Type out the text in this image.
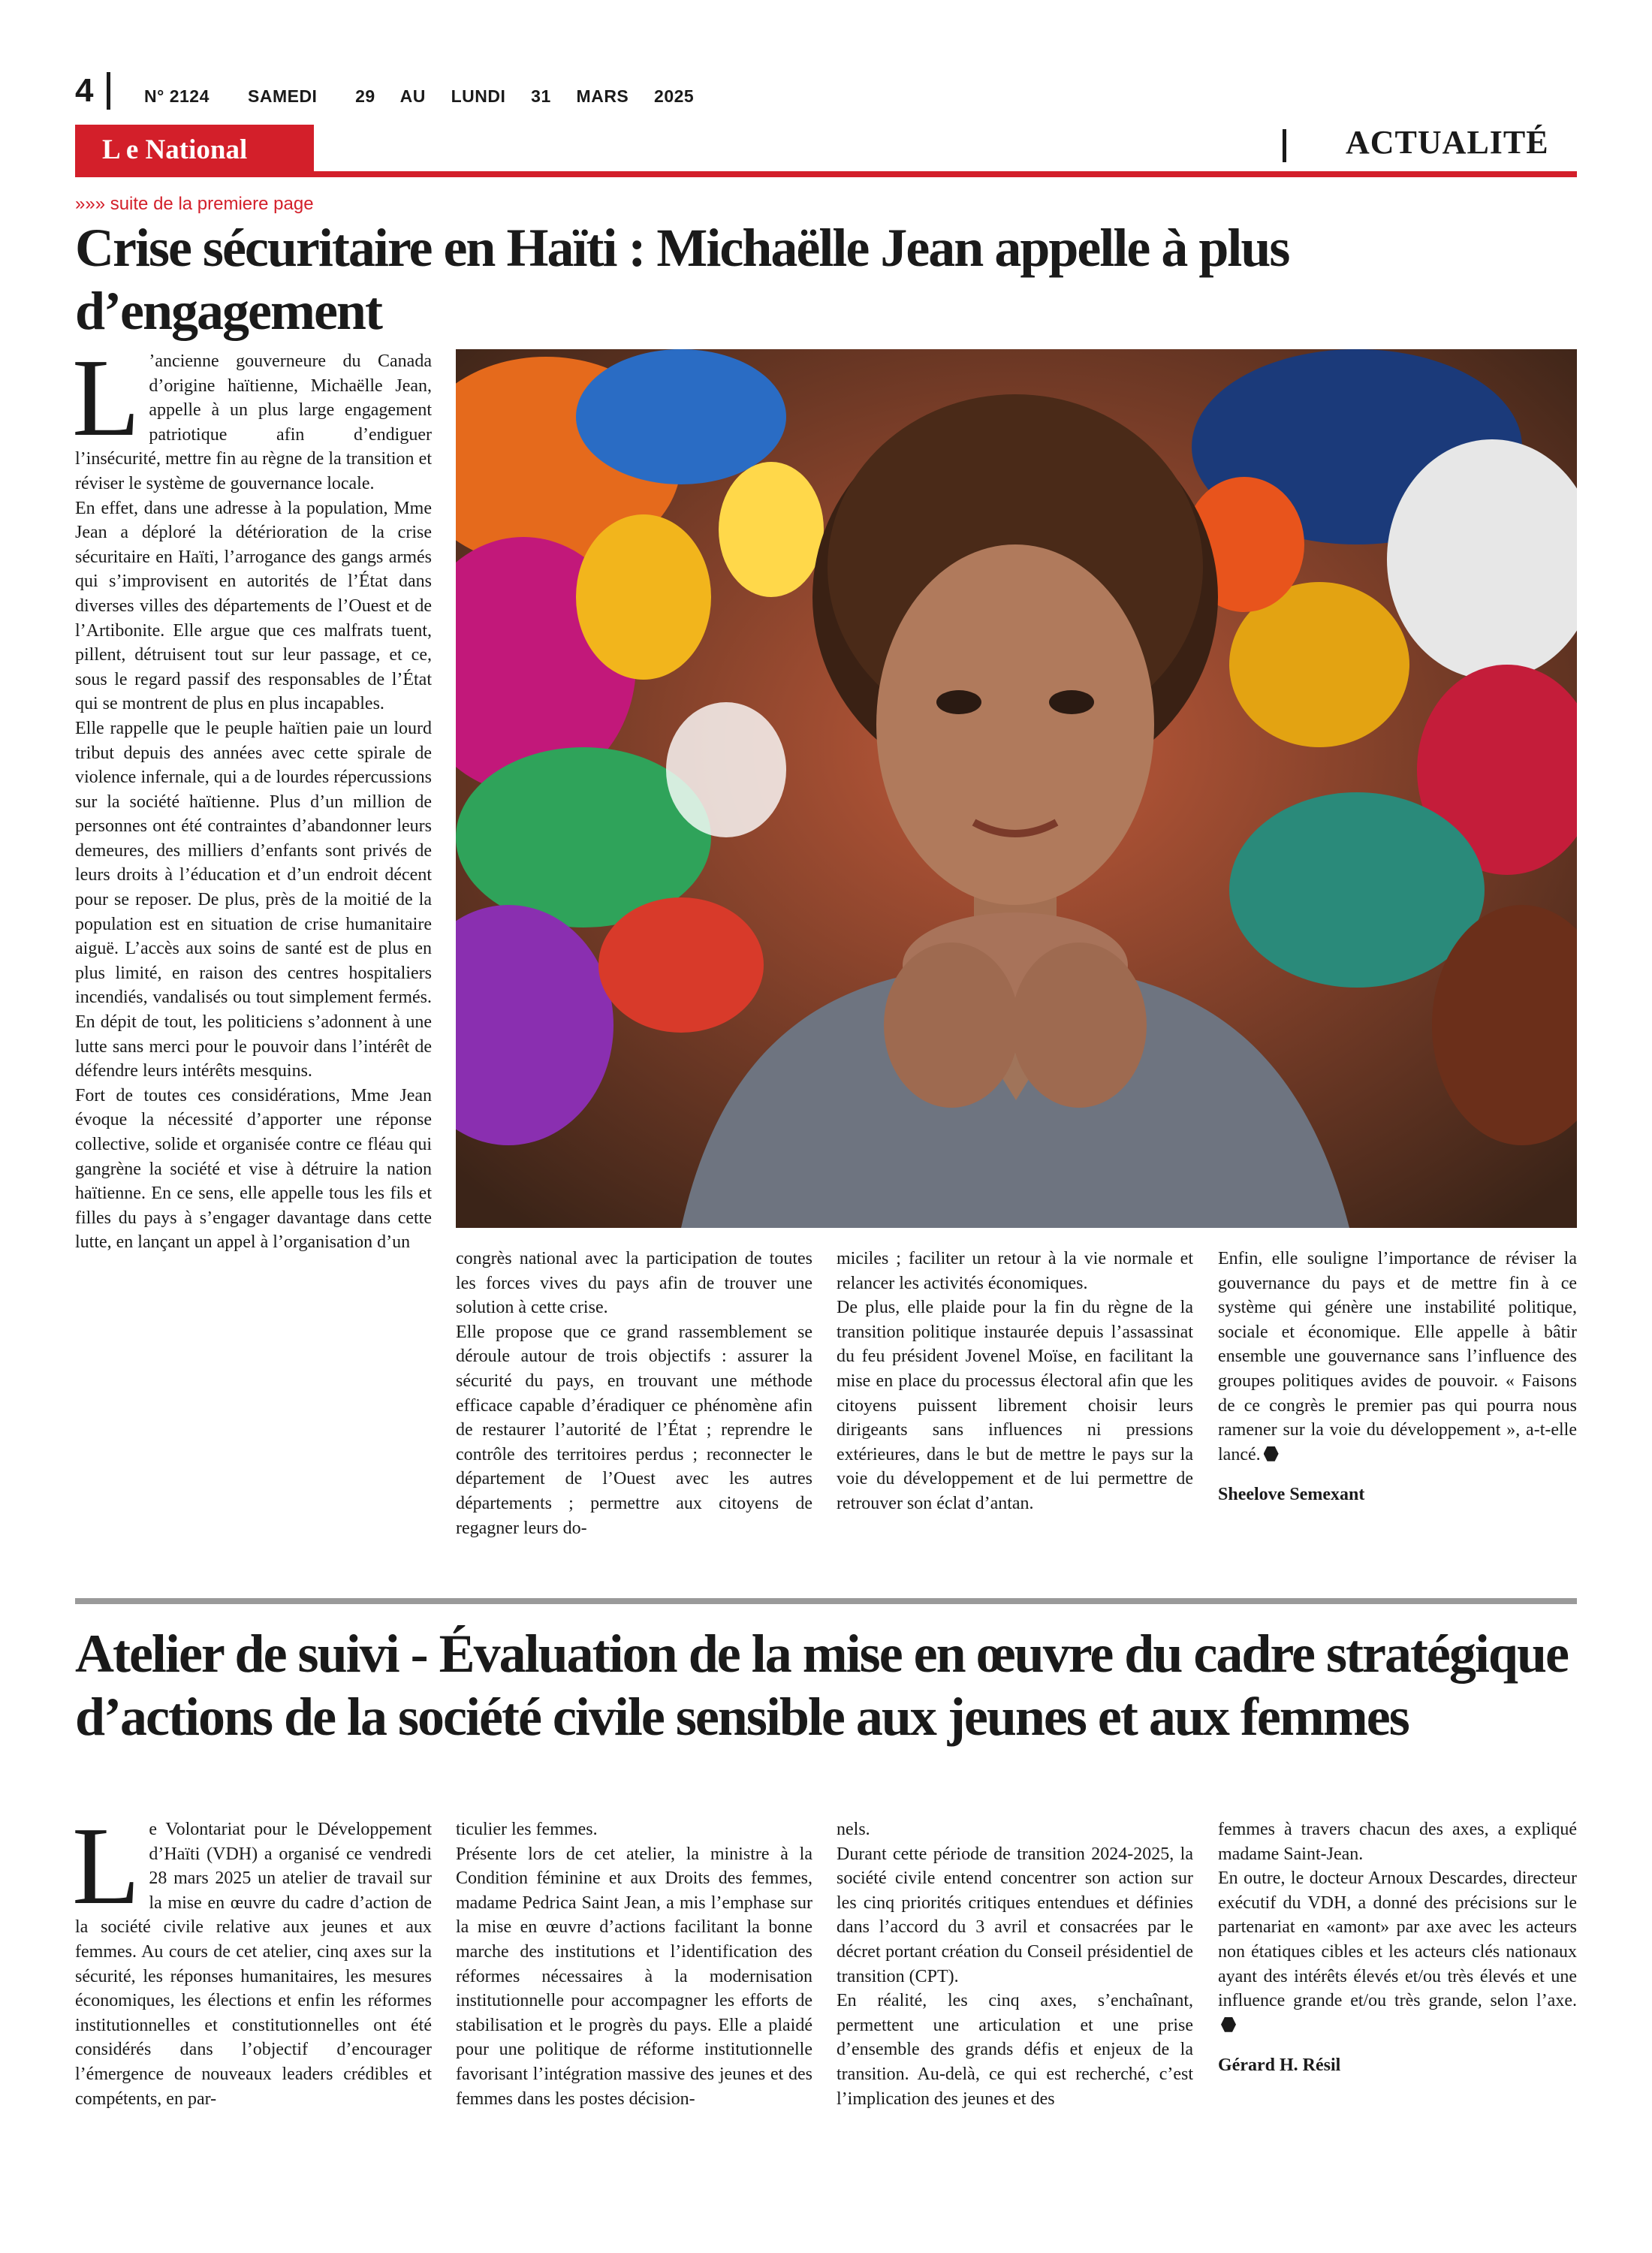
4	N° 2124 SAMEDI   29  AU  LUNDI  31  MARS  2025
L e National	ACTUALITÉ
»»» suite de la premiere page
Crise sécuritaire en Haïti : Michaëlle Jean appelle à plus d’engagement
L ’ancienne gouverneure du Canada d’origine haïtienne, Michaëlle Jean, appelle à un plus large engagement patriotique afin d’endiguer l’insécurité, mettre fin au règne de la transition et réviser le système de gouvernance locale.

En effet, dans une adresse à la population, Mme Jean a déploré la détérioration de la crise sécuritaire en Haïti, l’arrogance des gangs armés qui s’improvisent en autorités de l’État dans diverses villes des départements de l’Ouest et de l’Artibonite. Elle argue que ces malfrats tuent, pillent, détruisent tout sur leur passage, et ce, sous le regard passif des responsables de l’État qui se montrent de plus en plus incapables.

Elle rappelle que le peuple haïtien paie un lourd tribut depuis des années avec cette spirale de violence infernale, qui a de lourdes répercussions sur la société haïtienne. Plus d’un million de personnes ont été contraintes d’abandonner leurs demeures, des milliers d’enfants sont privés de leurs droits à l’éducation et d’un endroit décent pour se reposer. De plus, près de la moitié de la population est en situation de crise humanitaire aiguë. L’accès aux soins de santé est de plus en plus limité, en raison des centres hospitaliers incendiés, vandalisés ou tout simplement fermés. En dépit de tout, les politiciens s’adonnent à une lutte sans merci pour le pouvoir dans l’intérêt de défendre leurs intérêts mesquins.

Fort de toutes ces considérations, Mme Jean évoque la nécessité d’apporter une réponse collective, solide et organisée contre ce fléau qui gangrène la société et vise à détruire la nation haïtienne. En ce sens, elle appelle tous les fils et filles du pays à s’engager davantage dans cette lutte, en lançant un appel à l’organisation d’un

congrès national avec la participation de toutes les forces vives du pays afin de trouver une solution à cette crise.

Elle propose que ce grand rassemblement se déroule autour de trois objectifs : assurer la sécurité du pays, en trouvant une méthode efficace capable d’éradiquer ce phénomène afin de restaurer l’autorité de l’État ; reprendre le contrôle des territoires perdus ; reconnecter le département de l’Ouest avec les autres départements ; permettre aux citoyens de regagner leurs do-

miciles ; faciliter un retour à la vie normale et relancer les activités économiques.

De plus, elle plaide pour la fin du règne de la transition politique instaurée depuis l’assassinat du feu président Jovenel Moïse, en facilitant la mise en place du processus électoral afin que les citoyens puissent librement choisir leurs dirigeants sans influences ni pressions extérieures, dans le but de mettre le pays sur la voie du développement et de lui permettre de retrouver son éclat d’antan.

Enfin, elle souligne l’importance de réviser la gouvernance du pays et de mettre fin à ce système qui génère une instabilité politique, sociale et économique. Elle appelle à bâtir ensemble une gouvernance sans l’influence des groupes politiques avides de pouvoir. « Faisons de ce congrès le premier pas qui pourra nous ramener sur la voie du développement », a-t-elle lancé.

Sheelove Semexant
Atelier de suivi - Évaluation de la mise en œuvre du cadre stratégique d’actions de la société civile sensible aux jeunes et aux femmes
L e Volontariat pour le Développement d’Haïti (VDH) a organisé ce vendredi 28 mars 2025 un atelier de travail sur la mise en œuvre du cadre d’action de la société civile relative aux jeunes et aux femmes. Au cours de cet atelier, cinq axes sur la sécurité, les réponses humanitaires, les mesures économiques, les élections et enfin les réformes institutionnelles et constitutionnelles ont été considérés dans l’objectif d’encourager l’émergence de nouveaux leaders crédibles et compétents, en par-

ticulier les femmes.

Présente lors de cet atelier, la ministre à la Condition féminine et aux Droits des femmes, madame Pedrica Saint Jean, a mis l’emphase sur la mise en œuvre d’actions facilitant la bonne marche des institutions et l’identification des réformes nécessaires à la modernisation institutionnelle pour accompagner les efforts de stabilisation et le progrès du pays. Elle a plaidé pour une politique de réforme institutionnelle favorisant l’intégration massive des jeunes et des femmes dans les postes décision-

nels.

Durant cette période de transition 2024-2025, la société civile entend concentrer son action sur les cinq priorités critiques entendues et définies dans l’accord du 3 avril et consacrées par le décret portant création du Conseil présidentiel de transition (CPT).

En réalité, les cinq axes, s’enchaînant, permettent une articulation et une prise d’ensemble des grands défis et enjeux de la transition. Au-delà, ce qui est recherché, c’est l’implication des jeunes et des

femmes à travers chacun des axes, a expliqué madame Saint-Jean.

En outre, le docteur Arnoux Descardes, directeur exécutif du VDH, a donné des précisions sur le partenariat en «amont» par axe avec les acteurs non étatiques cibles et les acteurs clés nationaux ayant des intérêts élevés et/ou très élevés et une influence grande et/ou très grande, selon l’axe.

Gérard H. Résil
